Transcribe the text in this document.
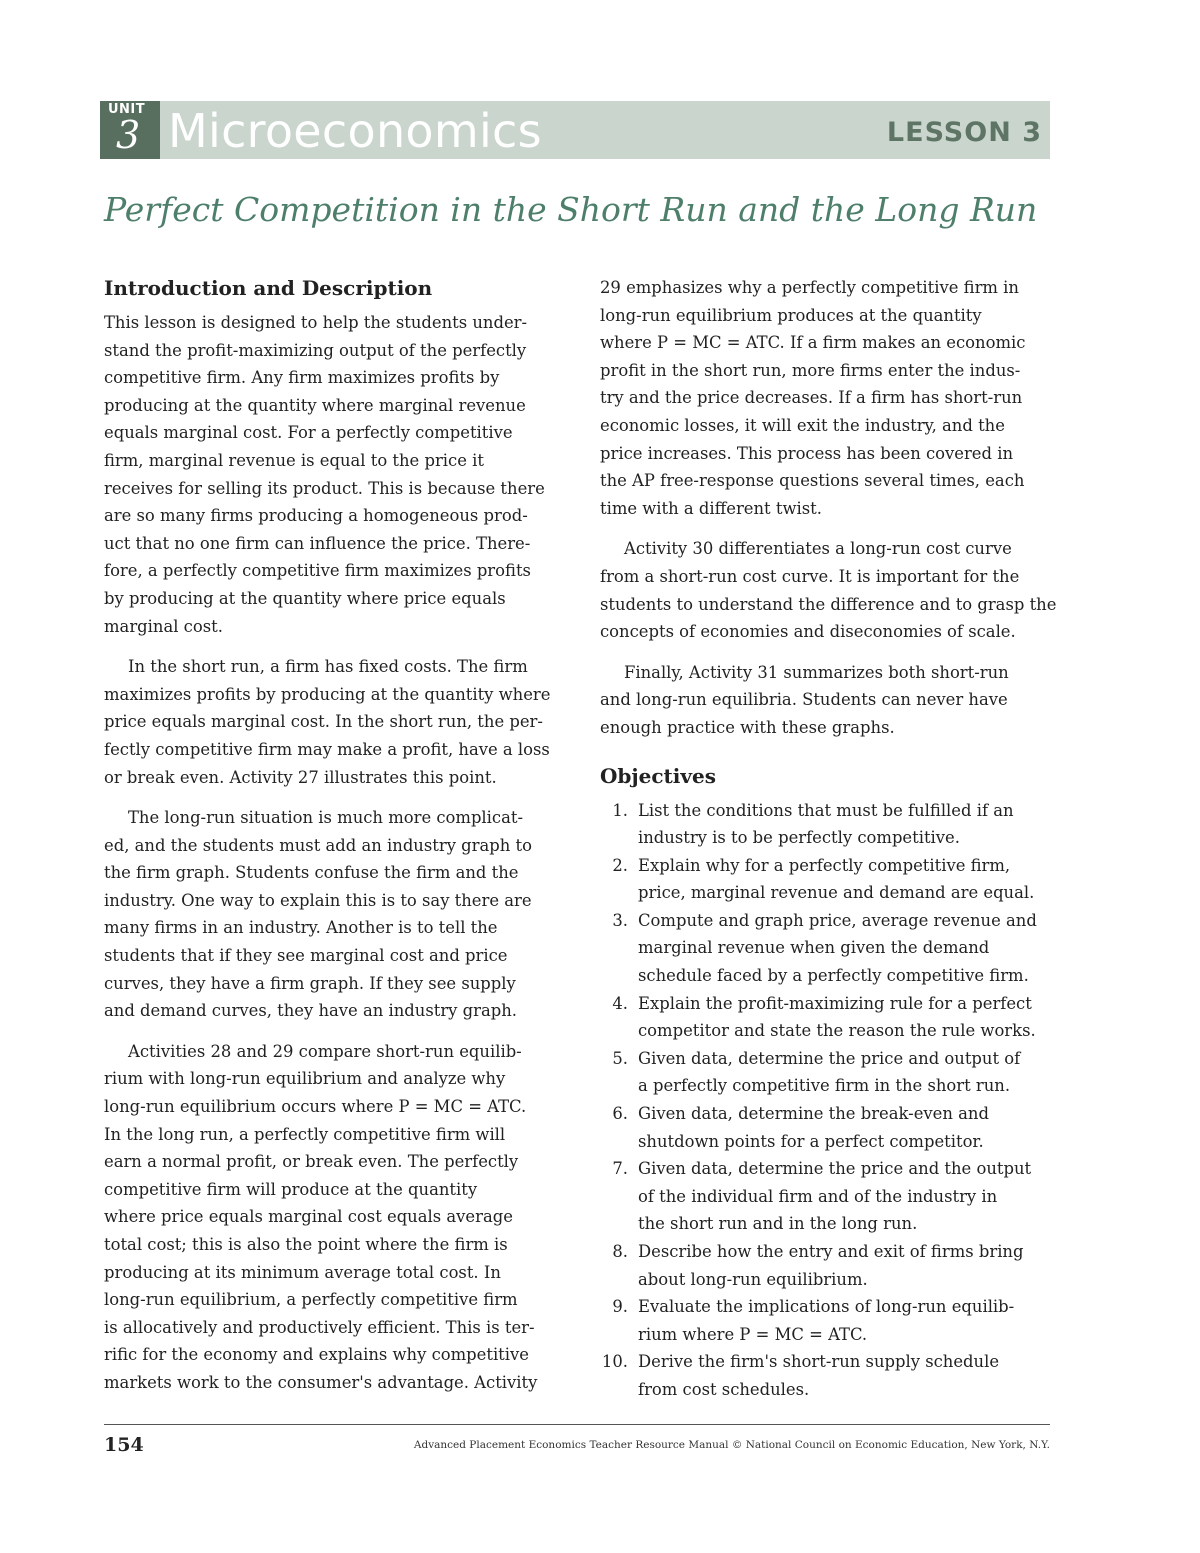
UNIT
3 Microeconomics	LESSON 3
Perfect Competition in the Short Run and the Long Run
Introduction and Description
This lesson is designed to help the students under-
stand the profit-maximizing output of the perfectly
competitive firm. Any firm maximizes profits by
producing at the quantity where marginal revenue
equals marginal cost. For a perfectly competitive
firm, marginal revenue is equal to the price it
receives for selling its product. This is because there
are so many firms producing a homogeneous prod-
uct that no one firm can influence the price. There-
fore, a perfectly competitive firm maximizes profits
by producing at the quantity where price equals
marginal cost.
In the short run, a firm has fixed costs. The firm
maximizes profits by producing at the quantity where
price equals marginal cost. In the short run, the per-
fectly competitive firm may make a profit, have a loss
or break even. Activity 27 illustrates this point.
The long-run situation is much more complicat-
ed, and the students must add an industry graph to
the firm graph. Students confuse the firm and the
industry. One way to explain this is to say there are
many firms in an industry. Another is to tell the
students that if they see marginal cost and price
curves, they have a firm graph. If they see supply
and demand curves, they have an industry graph.
Activities 28 and 29 compare short-run equilib-
rium with long-run equilibrium and analyze why
long-run equilibrium occurs where P = MC = ATC.
In the long run, a perfectly competitive firm will
earn a normal profit, or break even. The perfectly
competitive firm will produce at the quantity
where price equals marginal cost equals average
total cost; this is also the point where the firm is
producing at its minimum average total cost. In
long-run equilibrium, a perfectly competitive firm
is allocatively and productively efficient. This is ter-
rific for the economy and explains why competitive
markets work to the consumer's advantage. Activity
29 emphasizes why a perfectly competitive firm in
long-run equilibrium produces at the quantity
where P = MC = ATC. If a firm makes an economic
profit in the short run, more firms enter the indus-
try and the price decreases. If a firm has short-run
economic losses, it will exit the industry, and the
price increases. This process has been covered in
the AP free-response questions several times, each
time with a different twist.
Activity 30 differentiates a long-run cost curve
from a short-run cost curve. It is important for the
students to understand the difference and to grasp the
concepts of economies and diseconomies of scale.
Finally, Activity 31 summarizes both short-run
and long-run equilibria. Students can never have
enough practice with these graphs.
Objectives
1. List the conditions that must be fulfilled if an
industry is to be perfectly competitive.
2. Explain why for a perfectly competitive firm,
price, marginal revenue and demand are equal.
3. Compute and graph price, average revenue and
marginal revenue when given the demand
schedule faced by a perfectly competitive firm.
4. Explain the profit-maximizing rule for a perfect
competitor and state the reason the rule works.
5. Given data, determine the price and output of
a perfectly competitive firm in the short run.
6. Given data, determine the break-even and
shutdown points for a perfect competitor.
7. Given data, determine the price and the output
of the individual firm and of the industry in
the short run and in the long run.
8. Describe how the entry and exit of firms bring
about long-run equilibrium.
9. Evaluate the implications of long-run equilib-
rium where P = MC = ATC.
10. Derive the firm's short-run supply schedule
from cost schedules.
154	Advanced Placement Economics Teacher Resource Manual © National Council on Economic Education, New York, N.Y.
